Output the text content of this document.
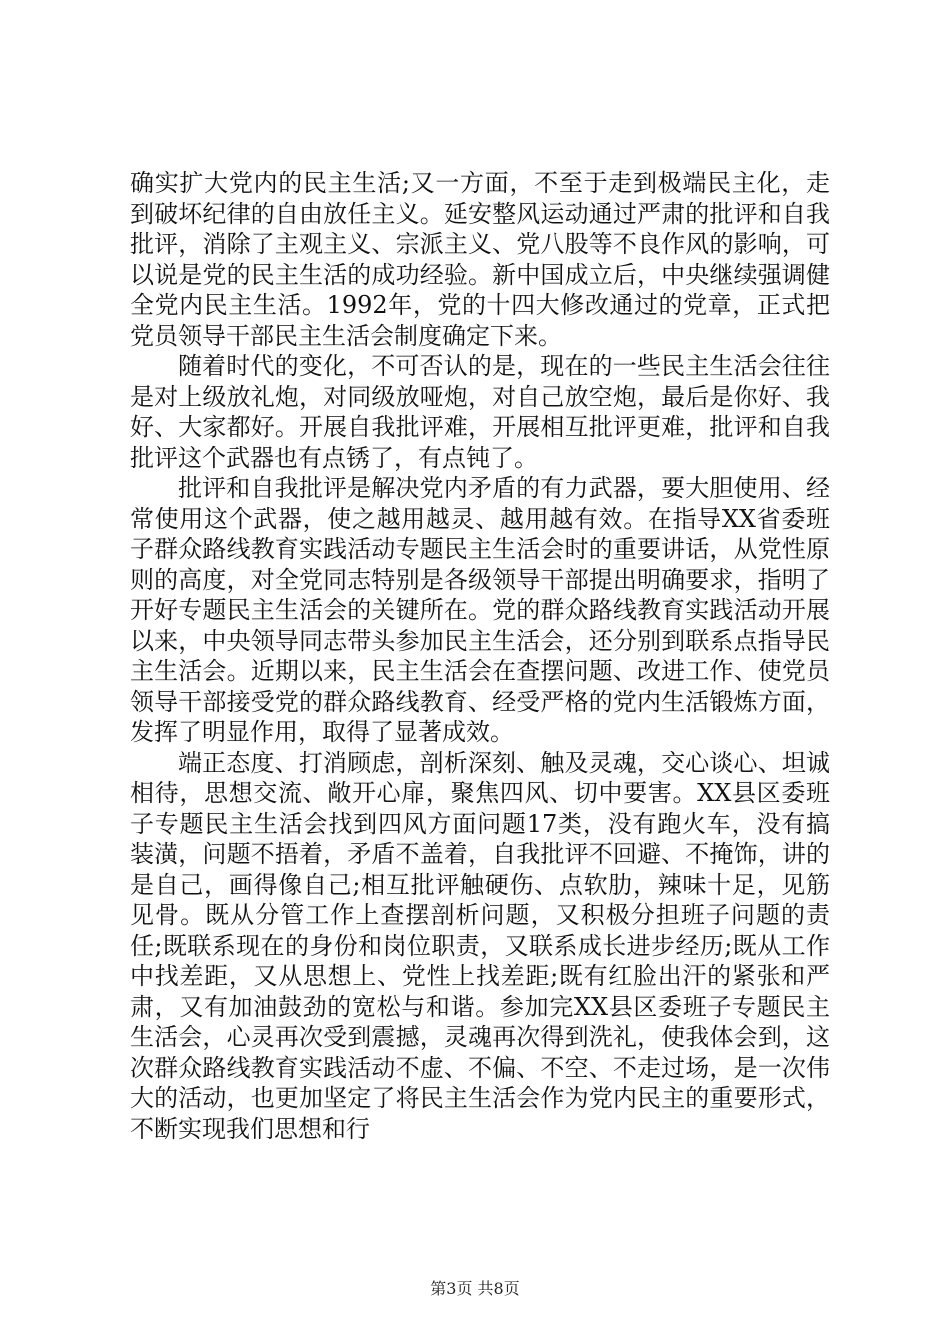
确实扩大党内的民主生活;又一方面，不至于走到极端民主化，走到破坏纪律的自由放任主义。延安整风运动通过严肃的批评和自我批评，消除了主观主义、宗派主义、党八股等不良作风的影响，可以说是党的民主生活的成功经验。新中国成立后，中央继续强调健全党内民主生活。1992年，党的十四大修改通过的党章，正式把党员领导干部民主生活会制度确定下来。

随着时代的变化，不可否认的是，现在的一些民主生活会往往是对上级放礼炮，对同级放哑炮，对自己放空炮，最后是你好、我好、大家都好。开展自我批评难，开展相互批评更难，批评和自我批评这个武器也有点锈了，有点钝了。

批评和自我批评是解决党内矛盾的有力武器，要大胆使用、经常使用这个武器，使之越用越灵、越用越有效。在指导XX省委班子群众路线教育实践活动专题民主生活会时的重要讲话，从党性原则的高度，对全党同志特别是各级领导干部提出明确要求，指明了开好专题民主生活会的关键所在。党的群众路线教育实践活动开展以来，中央领导同志带头参加民主生活会，还分别到联系点指导民主生活会。近期以来，民主生活会在查摆问题、改进工作、使党员领导干部接受党的群众路线教育、经受严格的党内生活锻炼方面，发挥了明显作用，取得了显著成效。

端正态度、打消顾虑，剖析深刻、触及灵魂，交心谈心、坦诚相待，思想交流、敞开心扉，聚焦四风、切中要害。XX县区委班子专题民主生活会找到四风方面问题17类，没有跑火车，没有搞装潢，问题不捂着，矛盾不盖着，自我批评不回避、不掩饰，讲的是自己，画得像自己;相互批评触硬伤、点软肋，辣味十足，见筋见骨。既从分管工作上查摆剖析问题，又积极分担班子问题的责任;既联系现在的身份和岗位职责，又联系成长进步经历;既从工作中找差距，又从思想上、党性上找差距;既有红脸出汗的紧张和严肃，又有加油鼓劲的宽松与和谐。参加完XX县区委班子专题民主生活会，心灵再次受到震撼，灵魂再次得到洗礼，使我体会到，这次群众路线教育实践活动不虚、不偏、不空、不走过场，是一次伟大的活动，也更加坚定了将民主生活会作为党内民主的重要形式，不断实现我们思想和行

第3页 共8页
